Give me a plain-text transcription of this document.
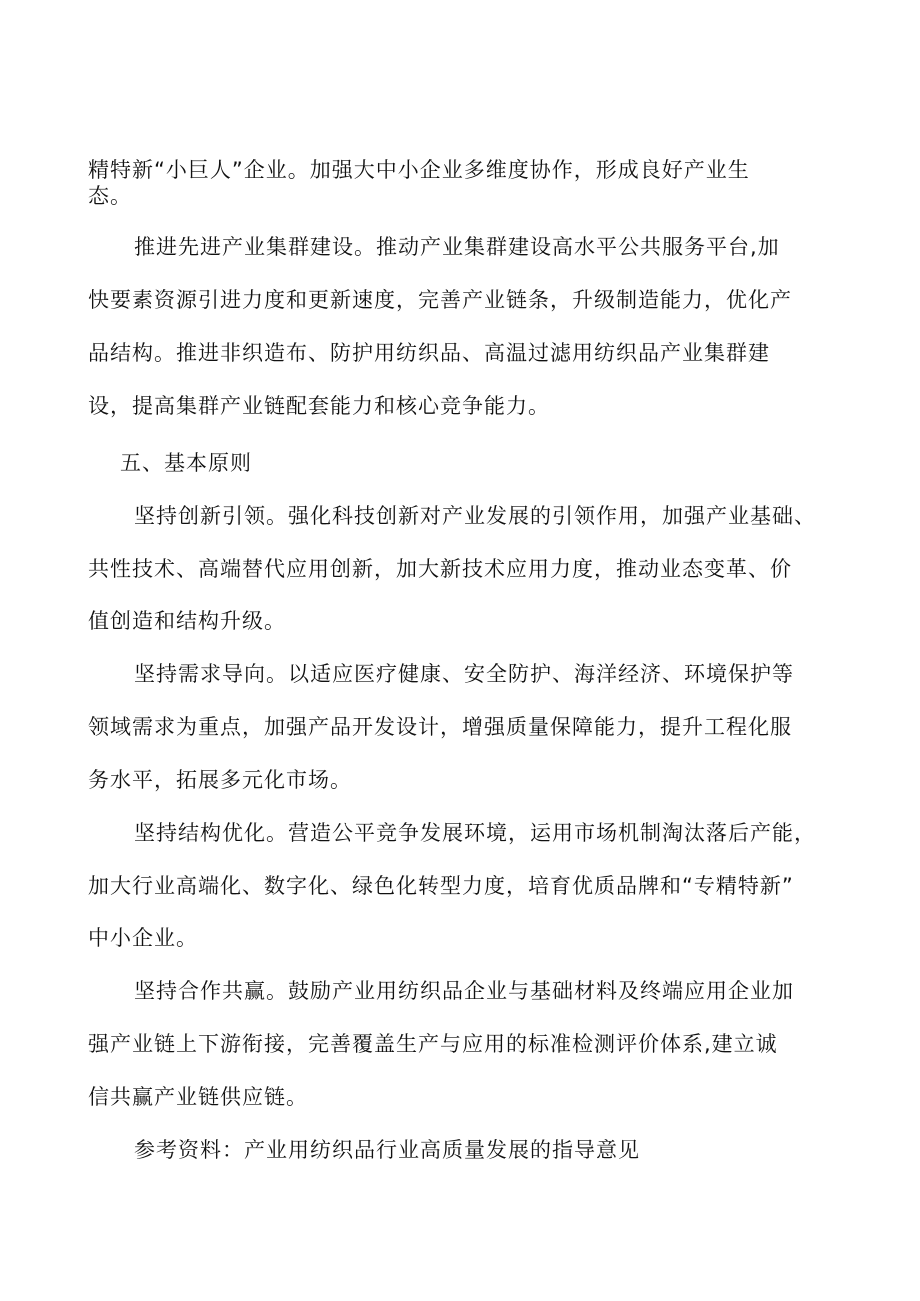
精特新“小巨人”企业。加强大中小企业多维度协作，形成良好产业生
态。
推进先进产业集群建设。推动产业集群建设高水平公共服务平台,加
快要素资源引进力度和更新速度，完善产业链条，升级制造能力，优化产
品结构。推进非织造布、防护用纺织品、高温过滤用纺织品产业集群建
设，提高集群产业链配套能力和核心竞争能力。
五、基本原则
坚持创新引领。强化科技创新对产业发展的引领作用，加强产业基础、
共性技术、高端替代应用创新，加大新技术应用力度，推动业态变革、价
值创造和结构升级。
坚持需求导向。以适应医疗健康、安全防护、海洋经济、环境保护等
领域需求为重点，加强产品开发设计，增强质量保障能力，提升工程化服
务水平，拓展多元化市场。
坚持结构优化。营造公平竞争发展环境，运用市场机制淘汰落后产能，
加大行业高端化、数字化、绿色化转型力度，培育优质品牌和“专精特新”
中小企业。
坚持合作共赢。鼓励产业用纺织品企业与基础材料及终端应用企业加
强产业链上下游衔接，完善覆盖生产与应用的标准检测评价体系,建立诚
信共赢产业链供应链。
参考资料：产业用纺织品行业高质量发展的指导意见
